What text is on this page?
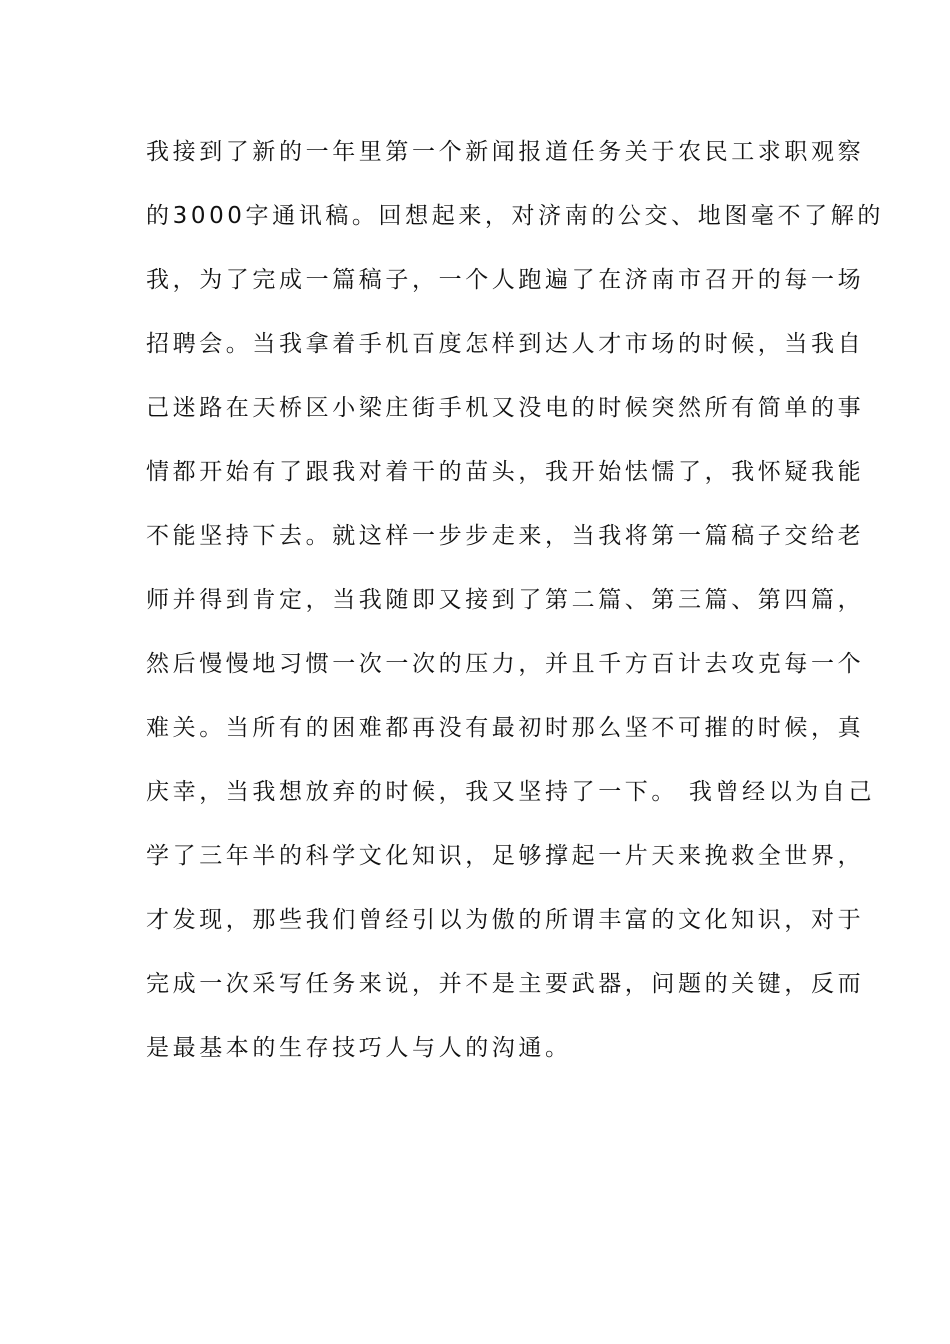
我接到了新的一年里第一个新闻报道任务关于农民工求职观察
的3000字通讯稿。回想起来，对济南的公交、地图毫不了解的
我，为了完成一篇稿子，一个人跑遍了在济南市召开的每一场
招聘会。当我拿着手机百度怎样到达人才市场的时候，当我自
己迷路在天桥区小梁庄街手机又没电的时候突然所有简单的事
情都开始有了跟我对着干的苗头，我开始怯懦了，我怀疑我能
不能坚持下去。就这样一步步走来，当我将第一篇稿子交给老
师并得到肯定，当我随即又接到了第二篇、第三篇、第四篇，
然后慢慢地习惯一次一次的压力，并且千方百计去攻克每一个
难关。当所有的困难都再没有最初时那么坚不可摧的时候，真
庆幸，当我想放弃的时候，我又坚持了一下。 我曾经以为自己
学了三年半的科学文化知识，足够撑起一片天来挽救全世界，
才发现，那些我们曾经引以为傲的所谓丰富的文化知识，对于
完成一次采写任务来说，并不是主要武器，问题的关键，反而
是最基本的生存技巧人与人的沟通。
